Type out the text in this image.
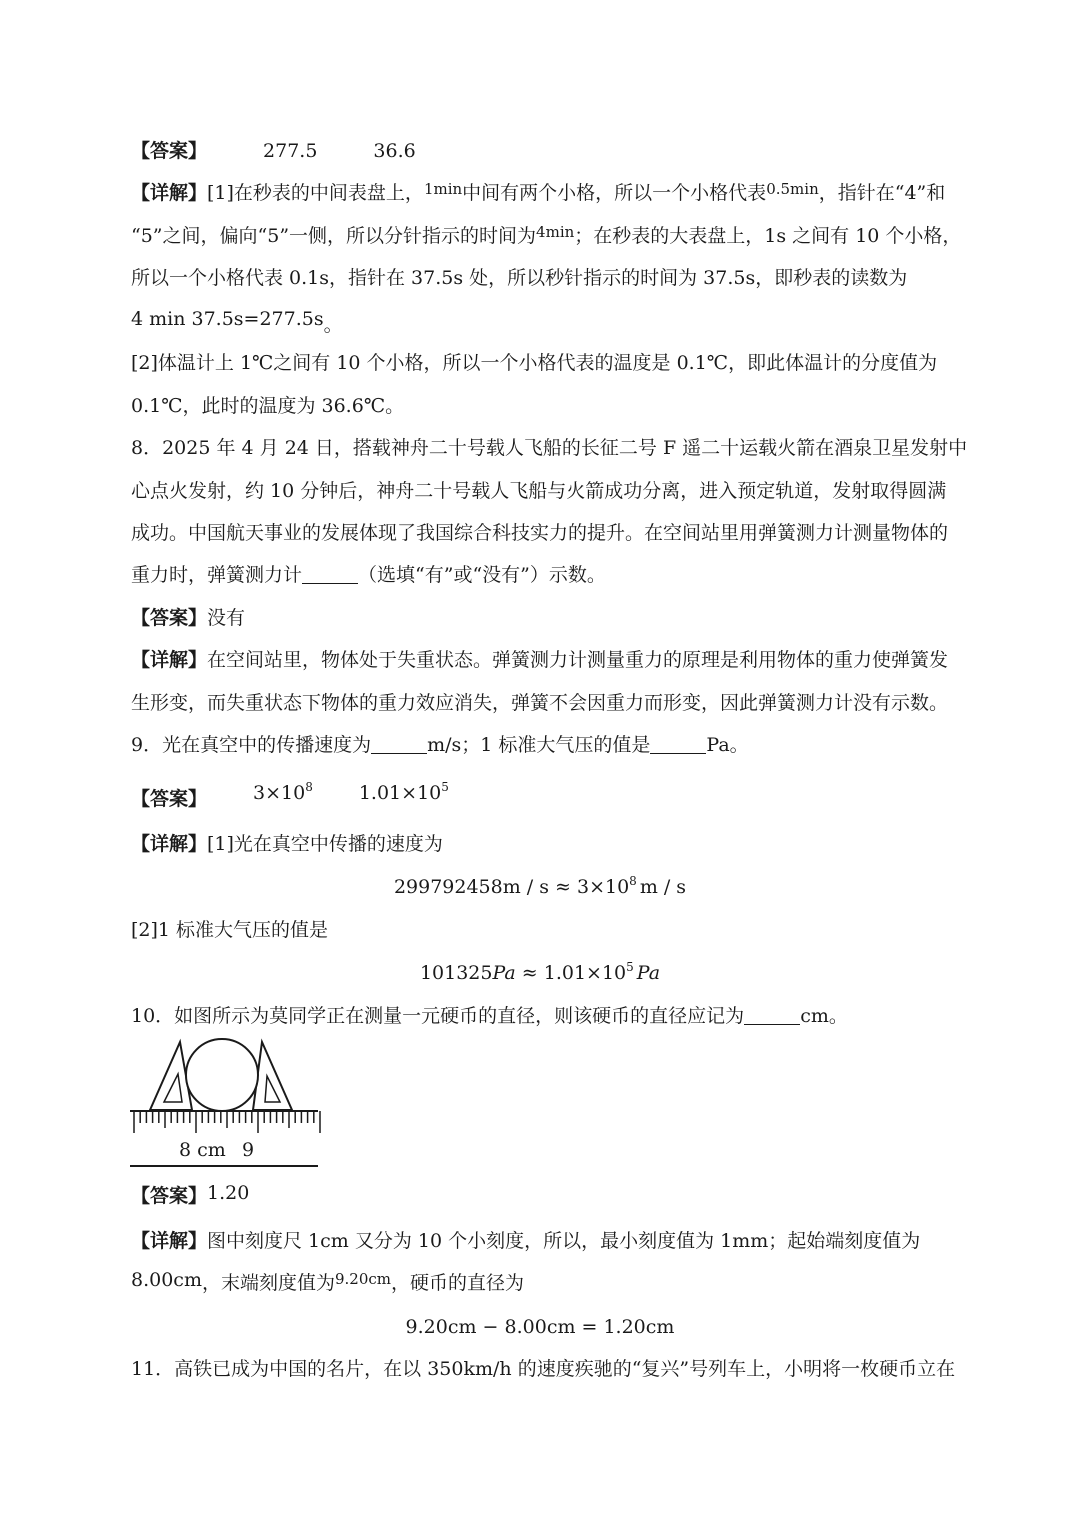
【答案】	277.5	36.6
【详解】[1]在秒表的中间表盘上，$^{1min}$中间有两个小格，所以一个小格代表$^{0.5min}$，指针在“4”和
“5”之间，偏向“5”一侧，所以分针指示的时间为$^{4min}$；在秒表的大表盘上，1s 之间有 10 个小格，
所以一个小格代表 0.1s，指针在 37.5s 处，所以秒针指示的时间为 37.5s，即秒表的读数为
4 min 37.5s=277.5s。
[2]体温计上 1℃之间有 10 个小格，所以一个小格代表的温度是 0.1℃，即此体温计的分度值为
0.1℃，此时的温度为 36.6℃。
8．2025 年 4 月 24 日，搭载神舟二十号载人飞船的长征二号 F 遥二十运载火箭在酒泉卫星发射中
心点火发射，约 10 分钟后，神舟二十号载人飞船与火箭成功分离，进入预定轨道，发射取得圆满
成功。中国航天事业的发展体现了我国综合科技实力的提升。在空间站里用弹簧测力计测量物体的
重力时，弹簧测力计	（选填“有”或“没有”）示数。
【答案】没有
【详解】在空间站里，物体处于失重状态。弹簧测力计测量重力的原理是利用物体的重力使弹簧发
生形变，而失重状态下物体的重力效应消失，弹簧不会因重力而形变，因此弹簧测力计没有示数。
9．光在真空中的传播速度为	m/s；1 标准大气压的值是	Pa。
【答案】 $3\times 10^8$ $1.01\times 10^5$
【详解】[1]光在真空中传播的速度为
$299792458m / s \approx 3\times 10^8$ m / s
[2]1 标准大气压的值是
$101325Pa \approx 1.01\times 10^5$ Pa
10．如图所示为莫同学正在测量一元硬币的直径，则该硬币的直径应记为	cm。
8 cm 9
【答案】1.20
【详解】图中刻度尺 1cm 又分为 10 个小刻度，所以，最小刻度值为 1mm；起始端刻度值为
8.00cm，末端刻度值为$^{9.20cm}$，硬币的直径为
9.20cm − 8.00cm = 1.20cm
11．高铁已成为中国的名片，在以 350km/h 的速度疾驰的“复兴”号列车上，小明将一枚硬币立在
